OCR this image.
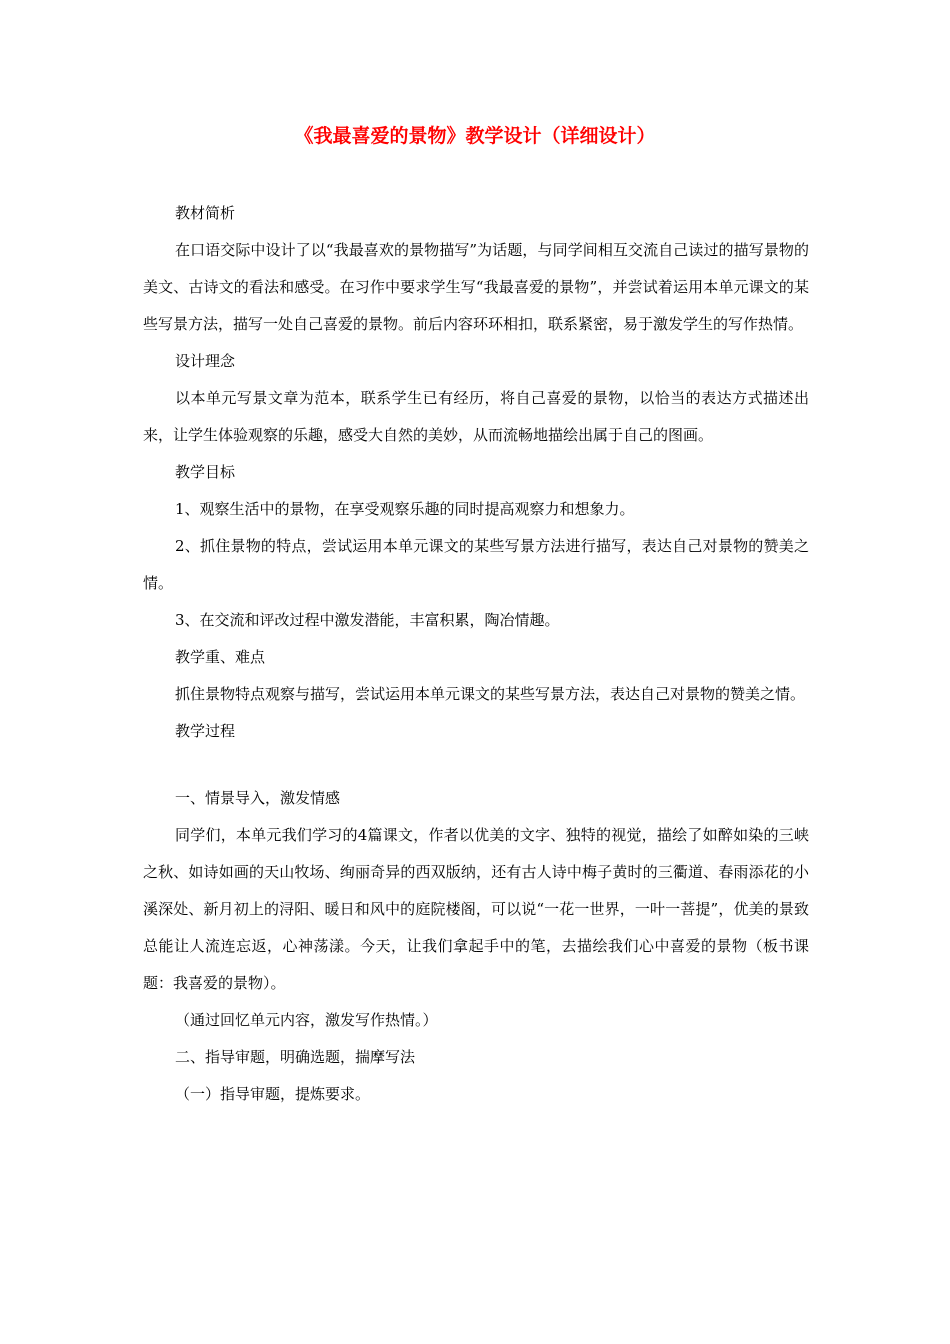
《我最喜爱的景物》教学设计（详细设计）

教材简析

在口语交际中设计了以“我最喜欢的景物描写”为话题，与同学间相互交流自己读过的描写景物的美文、古诗文的看法和感受。在习作中要求学生写“我最喜爱的景物”，并尝试着运用本单元课文的某些写景方法，描写一处自己喜爱的景物。前后内容环环相扣，联系紧密，易于激发学生的写作热情。

设计理念

以本单元写景文章为范本，联系学生已有经历，将自己喜爱的景物，以恰当的表达方式描述出来，让学生体验观察的乐趣，感受大自然的美妙，从而流畅地描绘出属于自己的图画。

教学目标

1、观察生活中的景物，在享受观察乐趣的同时提高观察力和想象力。

2、抓住景物的特点，尝试运用本单元课文的某些写景方法进行描写，表达自己对景物的赞美之情。

3、在交流和评改过程中激发潜能，丰富积累，陶冶情趣。

教学重、难点

抓住景物特点观察与描写，尝试运用本单元课文的某些写景方法，表达自己对景物的赞美之情。

教学过程

一、情景导入，激发情感

同学们，本单元我们学习的4篇课文，作者以优美的文字、独特的视觉，描绘了如醉如染的三峡之秋、如诗如画的天山牧场、绚丽奇异的西双版纳，还有古人诗中梅子黄时的三衢道、春雨添花的小溪深处、新月初上的浔阳、暖日和风中的庭院楼阁，可以说“一花一世界，一叶一菩提”，优美的景致总能让人流连忘返，心神荡漾。今天，让我们拿起手中的笔，去描绘我们心中喜爱的景物（板书课题：我喜爱的景物）。

（通过回忆单元内容，激发写作热情。）

二、指导审题，明确选题，揣摩写法

（一）指导审题，提炼要求。
